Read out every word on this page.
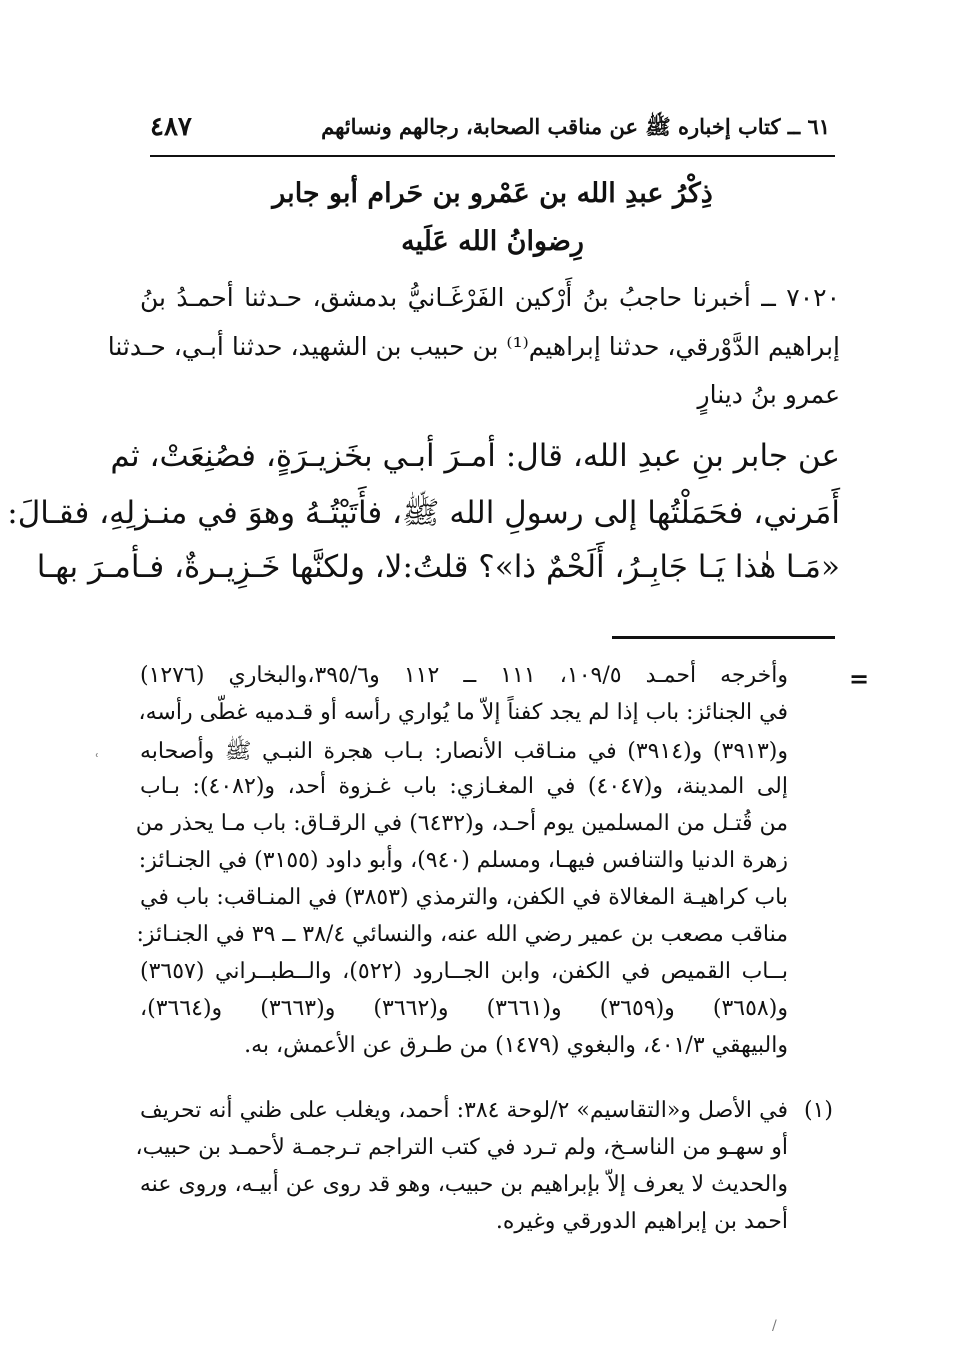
٦١ ــ كتاب إخباره ﷺ عن مناقب الصحابة، رجالهم ونسائهم
٤٨٧
ذِكْرُ عبدِ الله بن عَمْرو بن حَرام أبو جابر
رِضوانُ الله عَلَيه
٧٠٢٠ ــ أخبرنا حاجبُ بنُ أَرْكين الفَرْغَـانيُّ بدمشق، حـدثنا أحمـدُ بنُ
إبراهيم الدَّوْرقي، حدثنا إبراهيم⁽¹⁾ بن حبيب بن الشهيد، حدثنا أبـي، حـدثنا
عمرو بنُ دينارٍ
عن جابر بنِ عبدِ الله، قال: أمـرَ أبـي بخَزيـرَةٍ، فصُنِعَتْ، ثم
أَمَرني، فحَمَلْتُها إلى رسولِ الله ﷺ، فأَتَيْتُـهُ وهوَ في منـزلِهِ، فقـالَ:
«مَـا هٰذا يَـا جَابِـرُ، أَلَحْمٌ ذا»؟ قلتُ:لا، ولكنَّها خَـزِيـرةٌ، فـأمـرَ بهـا
=
وأخرجه أحمـد ١٠٩/٥، ١١١ ــ ١١٢ و٣٩٥/٦،والبخاري (١٢٧٦)
في الجنائز: باب إذا لم يجد كفناً إلاّ ما يُواري رأسه أو قـدميه غطّى رأسه،
و(٣٩١٣) و(٣٩١٤) في منـاقب الأنصار: بـاب هجرة النبـي ﷺ وأصحابه
إلى المدينة، و(٤٠٤٧) في المغـازي: باب غـزوة أحد، و(٤٠٨٢): بـاب
من قُتـل من المسلمين يوم أحـد، و(٦٤٣٢) في الرقـاق: باب مـا يحذر من
زهرة الدنيا والتنافس فيهـا، ومسلم (٩٤٠)، وأبو داود (٣١٥٥) في الجنـائز:
باب كراهيـة المغالاة في الكفن، والترمذي (٣٨٥٣) في المنـاقب: باب في
مناقب مصعب بن عمير رضي الله عنه، والنسائي ٣٨/٤ ــ ٣٩ في الجنـائز:
بــاب القميص في الكفن، وابن الجــارود (٥٢٢)، والــطبــراني (٣٦٥٧)
و(٣٦٥٨) و(٣٦٥٩) و(٣٦٦١) و(٣٦٦٢) و(٣٦٦٣) و(٣٦٦٤)،
والبيهقي ٤٠١/٣، والبغوي (١٤٧٩) من طـرق عن الأعمش، به.
(١)
في الأصل و«التقاسيم» ٢/لوحة ٣٨٤: أحمد، ويغلب على ظني أنه تحريف
أو سهـو من الناسـخ، ولم تـرد في كتب التراجم تـرجمـة لأحمـد بن حبيب،
والحديث لا يعرف إلاّ بإبراهيم بن حبيب، وهو قد روى عن أبيـه، وروى عنه
أحمد بن إبراهيم الدورقي وغيره.
ʿ
/
